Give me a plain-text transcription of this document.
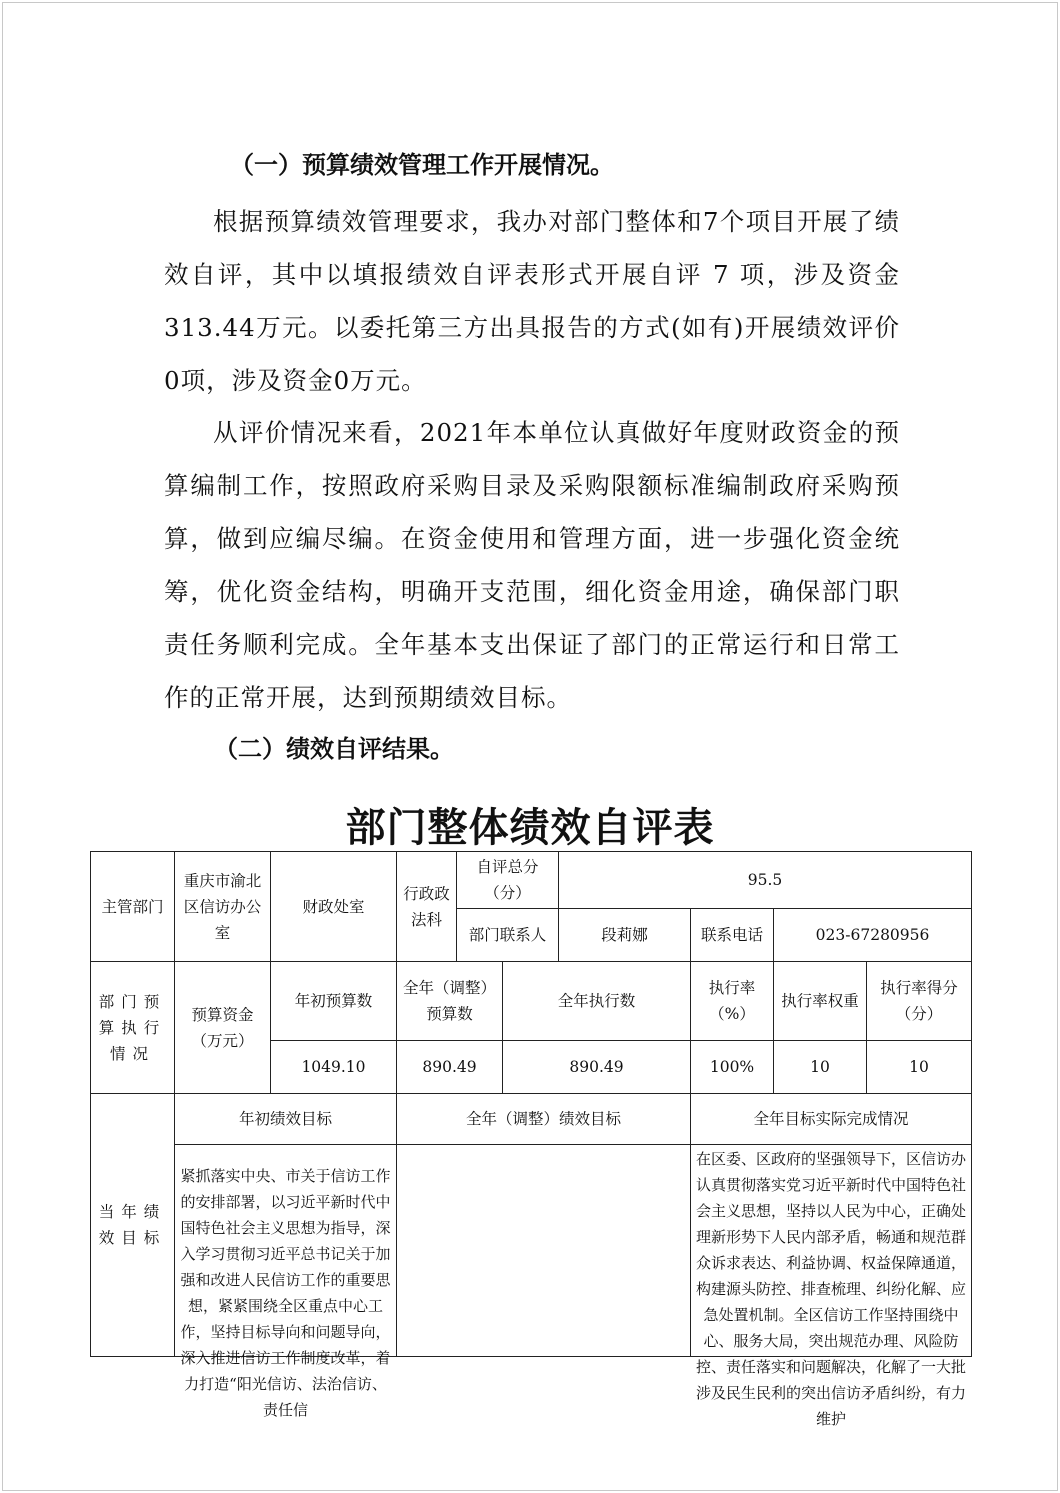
（一）预算绩效管理工作开展情况。
根据预算绩效管理要求，我办对部门整体和7个项目开展了绩效自评，其中以填报绩效自评表形式开展自评 7 项，涉及资金313.44万元。以委托第三方出具报告的方式(如有)开展绩效评价0项，涉及资金0万元。
从评价情况来看，2021年本单位认真做好年度财政资金的预算编制工作，按照政府采购目录及采购限额标准编制政府采购预算，做到应编尽编。在资金使用和管理方面，进一步强化资金统筹，优化资金结构，明确开支范围，细化资金用途，确保部门职责任务顺利完成。全年基本支出保证了部门的正常运行和日常工作的正常开展，达到预期绩效目标。
（二）绩效自评结果。
部门整体绩效自评表
主管部门	重庆市渝北区信访办公室	财政处室	行政政法科	自评总分（分）		95.5			
				部门联系人		段莉娜	联系电话	023-67280956	
部门预算执行情况	预算资金（万元）	年初预算数	全年（调整）预算数		全年执行数		执行率（%）	执行率权重	执行率得分（分）
		1049.10	890.49		890.49		100%	10	10
当年绩效目标	年初绩效目标		全年（调整）绩效目标				全年目标实际完成情况		

	紧抓落实中央、市关于信访工作的安排部署，以习近平新时代中国特色社会主义思想为指导，深入学习贯彻习近平总书记关于加强和改进人民信访工作的重要思想，紧紧围绕全区重点中心工作，坚持目标导向和问题导向，深入推进信访工作制度改革，着力打造“阳光信访、法治信访、责任信						在区委、区政府的坚强领导下，区信访办认真贯彻落实党习近平新时代中国特色社会主义思想，坚持以人民为中心，正确处理新形势下人民内部矛盾，畅通和规范群众诉求表达、利益协调、权益保障通道，构建源头防控、排查梳理、纠纷化解、应急处置机制。全区信访工作坚持围绕中心、服务大局，突出规范办理、风险防控、责任落实和问题解决，化解了一大批涉及民生民利的突出信访矛盾纠纷，有力维护		
